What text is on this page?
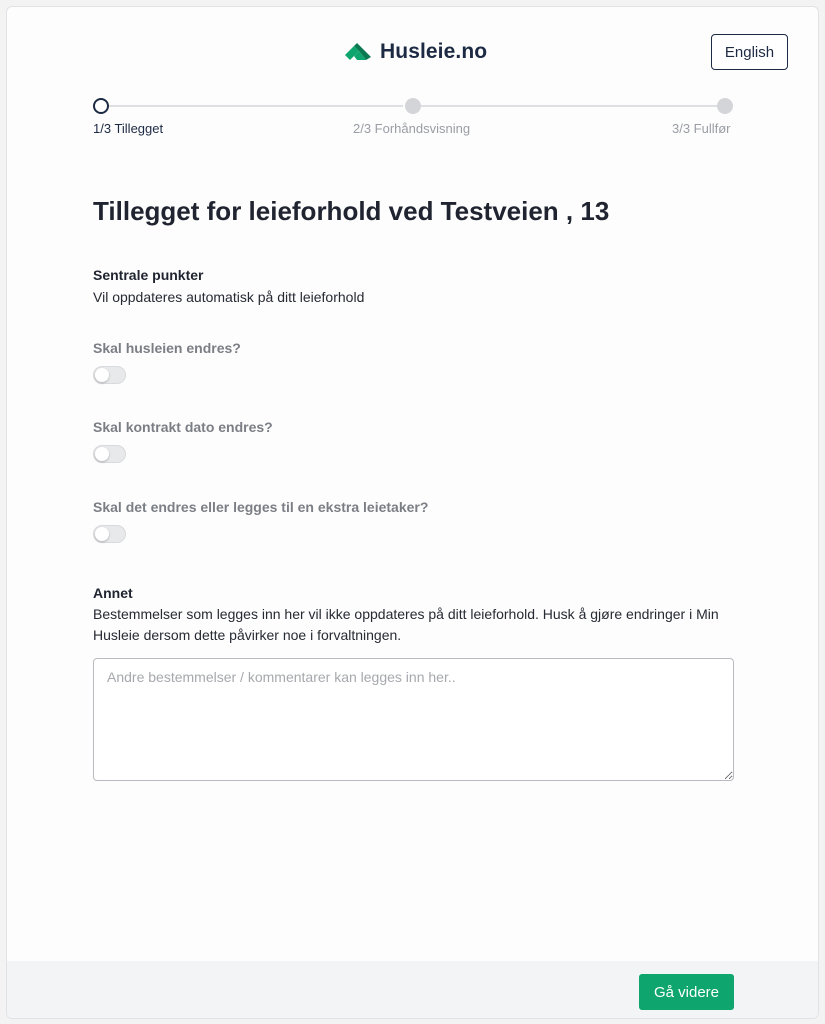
Husleie.no	English
1/3 Tillegget	2/3 Forhåndsvisning	3/3 Fullfør
Tillegget for leieforhold ved Testveien , 13
Sentrale punkter
Vil oppdateres automatisk på ditt leieforhold
Skal husleien endres?
Skal kontrakt dato endres?
Skal det endres eller legges til en ekstra leietaker?
Annet
Bestemmelser som legges inn her vil ikke oppdateres på ditt leieforhold. Husk å gjøre endringer i Min Husleie dersom dette påvirker noe i forvaltningen.
Andre bestemmelser / kommentarer kan legges inn her..
Gå videre
